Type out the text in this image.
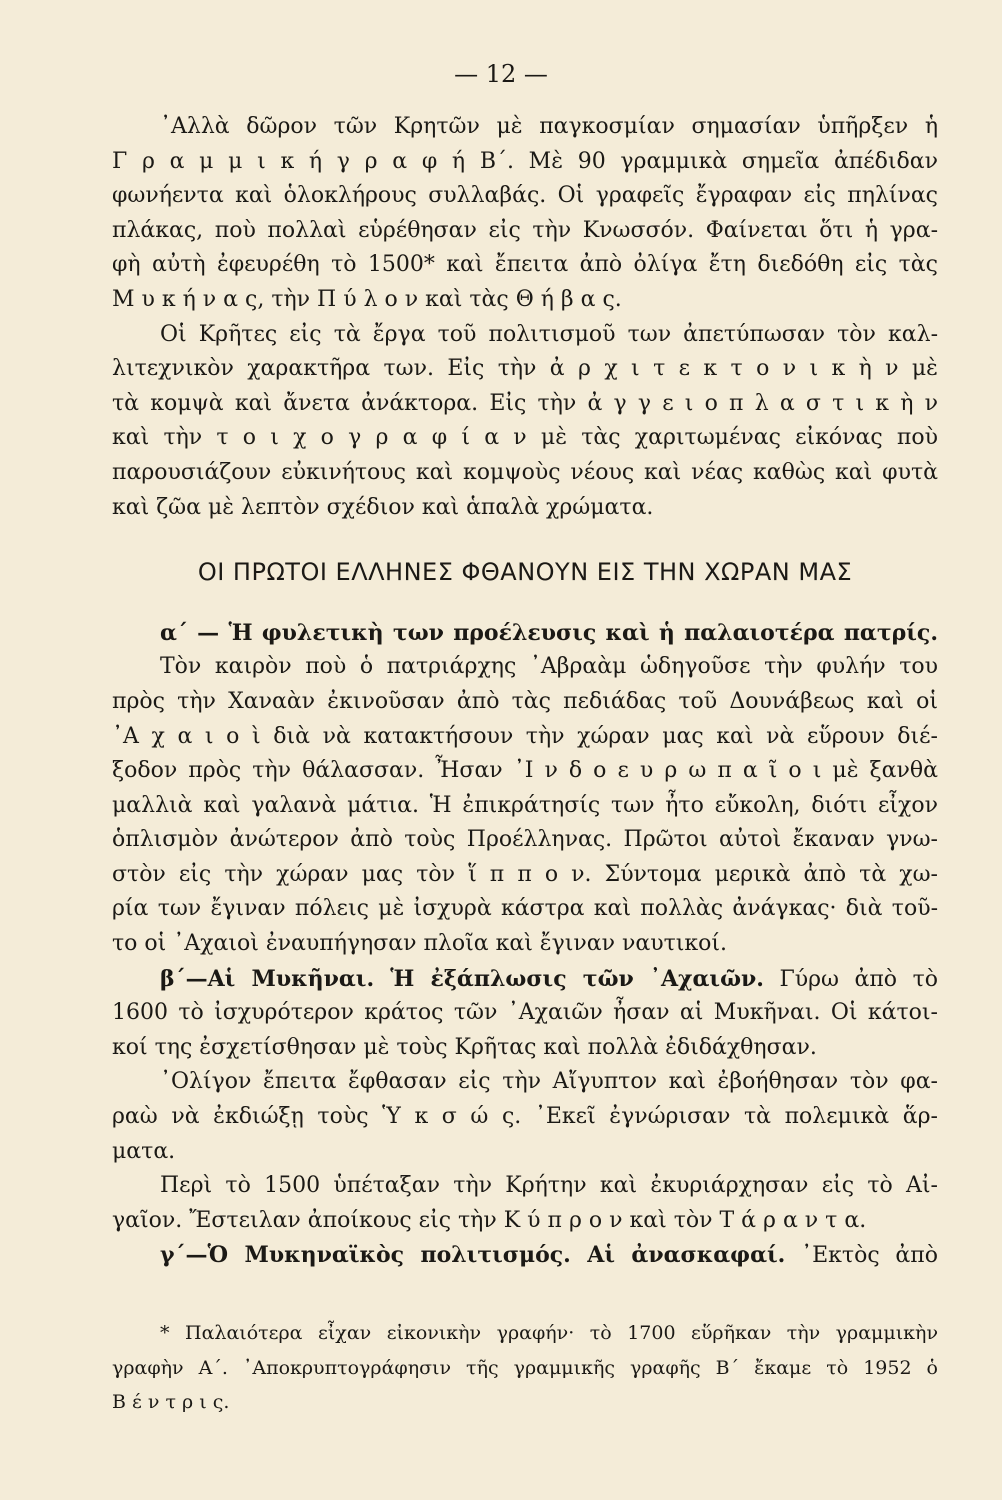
— 12 —
᾿Αλλὰ δῶρον τῶν Κρητῶν μὲ παγκοσμίαν σημασίαν ὑπῆρξεν ἡ
Γ ρ α μ μ ι κ ή γ ρ α φ ή Β΄. Μὲ 90 γραμμικὰ σημεῖα ἀπέδιδαν
φωνήεντα καὶ ὁλοκλήρους συλλαβάς. Οἱ γραφεῖς ἔγραφαν εἰς πηλίνας
πλάκας, ποὺ πολλαὶ εὑρέθησαν εἰς τὴν Κνωσσόν. Φαίνεται ὅτι ἡ γρα-
φὴ αὐτὴ ἐφευρέθη τὸ 1500* καὶ ἔπειτα ἀπὸ ὀλίγα ἔτη διεδόθη εἰς τὰς
Μ υ κ ή ν α ς, τὴν Π ύ λ ο ν καὶ τὰς Θ ή β α ς.
Οἱ Κρῆτες εἰς τὰ ἔργα τοῦ πολιτισμοῦ των ἀπετύπωσαν τὸν καλ-
λιτεχνικὸν χαρακτῆρα των. Εἰς τὴν ἀ ρ χ ι τ ε κ τ ο ν ι κ ὴ ν μὲ
τὰ κομψὰ καὶ ἄνετα ἀνάκτορα. Εἰς τὴν ἀ γ γ ε ι ο π λ α σ τ ι κ ὴ ν
καὶ τὴν τ ο ι χ ο γ ρ α φ ί α ν μὲ τὰς χαριτωμένας εἰκόνας ποὺ
παρουσιάζουν εὐκινήτους καὶ κομψοὺς νέους καὶ νέας καθὼς καὶ φυτὰ
καὶ ζῶα μὲ λεπτὸν σχέδιον καὶ ἁπαλὰ χρώματα.
ΟΙ ΠΡΩΤΟΙ ΕΛΛΗΝΕΣ ΦΘΑΝΟΥΝ ΕΙΣ ΤΗΝ ΧΩΡΑΝ ΜΑΣ
α΄ — Ἡ φυλετικὴ των προέλευσις καὶ ἡ παλαιοτέρα πατρίς.
Τὸν καιρὸν ποὺ ὁ πατριάρχης ᾿Αβραὰμ ὡδηγοῦσε τὴν φυλήν του
πρὸς τὴν Χαναὰν ἐκινοῦσαν ἀπὸ τὰς πεδιάδας τοῦ Δουνάβεως καὶ οἱ
᾿Α χ α ι ο ὶ διὰ νὰ κατακτήσουν τὴν χώραν μας καὶ νὰ εὕρουν διέ-
ξοδον πρὸς τὴν θάλασσαν. Ἦσαν ᾿Ι ν δ ο ε υ ρ ω π α ῖ ο ι μὲ ξανθὰ
μαλλιὰ καὶ γαλανὰ μάτια. Ἡ ἐπικράτησίς των ἦτο εὔκολη, διότι εἶχον
ὁπλισμὸν ἀνώτερον ἀπὸ τοὺς Προέλληνας. Πρῶτοι αὐτοὶ ἔκαναν γνω-
στὸν εἰς τὴν χώραν μας τὸν ἵ π π ο ν. Σύντομα μερικὰ ἀπὸ τὰ χω-
ρία των ἔγιναν πόλεις μὲ ἰσχυρὰ κάστρα καὶ πολλὰς ἀνάγκας· διὰ τοῦ-
το οἱ ᾿Αχαιοὶ ἐναυπήγησαν πλοῖα καὶ ἔγιναν ναυτικοί.
β΄—Αἱ Μυκῆναι. Ἡ ἐξάπλωσις τῶν ᾿Αχαιῶν. Γύρω ἀπὸ τὸ
1600 τὸ ἰσχυρότερον κράτος τῶν ᾿Αχαιῶν ἦσαν αἱ Μυκῆναι. Οἱ κάτοι-
κοί της ἐσχετίσθησαν μὲ τοὺς Κρῆτας καὶ πολλὰ ἐδιδάχθησαν.
᾿Ολίγον ἔπειτα ἔφθασαν εἰς τὴν Αἴγυπτον καὶ ἐβοήθησαν τὸν φα-
ραὼ νὰ ἐκδιώξῃ τοὺς Ὑ κ σ ώ ς. ᾿Εκεῖ ἐγνώρισαν τὰ πολεμικὰ ἅρ-
ματα.
Περὶ τὸ 1500 ὑπέταξαν τὴν Κρήτην καὶ ἐκυριάρχησαν εἰς τὸ Αἰ-
γαῖον. Ἔστειλαν ἀποίκους εἰς τὴν Κ ύ π ρ ο ν καὶ τὸν Τ ά ρ α ν τ α.
γ΄—Ὁ Μυκηναϊκὸς πολιτισμός. Αἱ ἀνασκαφαί. ᾿Εκτὸς ἀπὸ
* Παλαιότερα εἶχαν εἰκονικὴν γραφήν· τὸ 1700 εὕρῆκαν τὴν γραμμικὴν
γραφὴν Α΄. ᾿Αποκρυπτογράφησιν τῆς γραμμικῆς γραφῆς Β΄ ἔκαμε τὸ 1952 ὁ
Β έ ν τ ρ ι ς.
